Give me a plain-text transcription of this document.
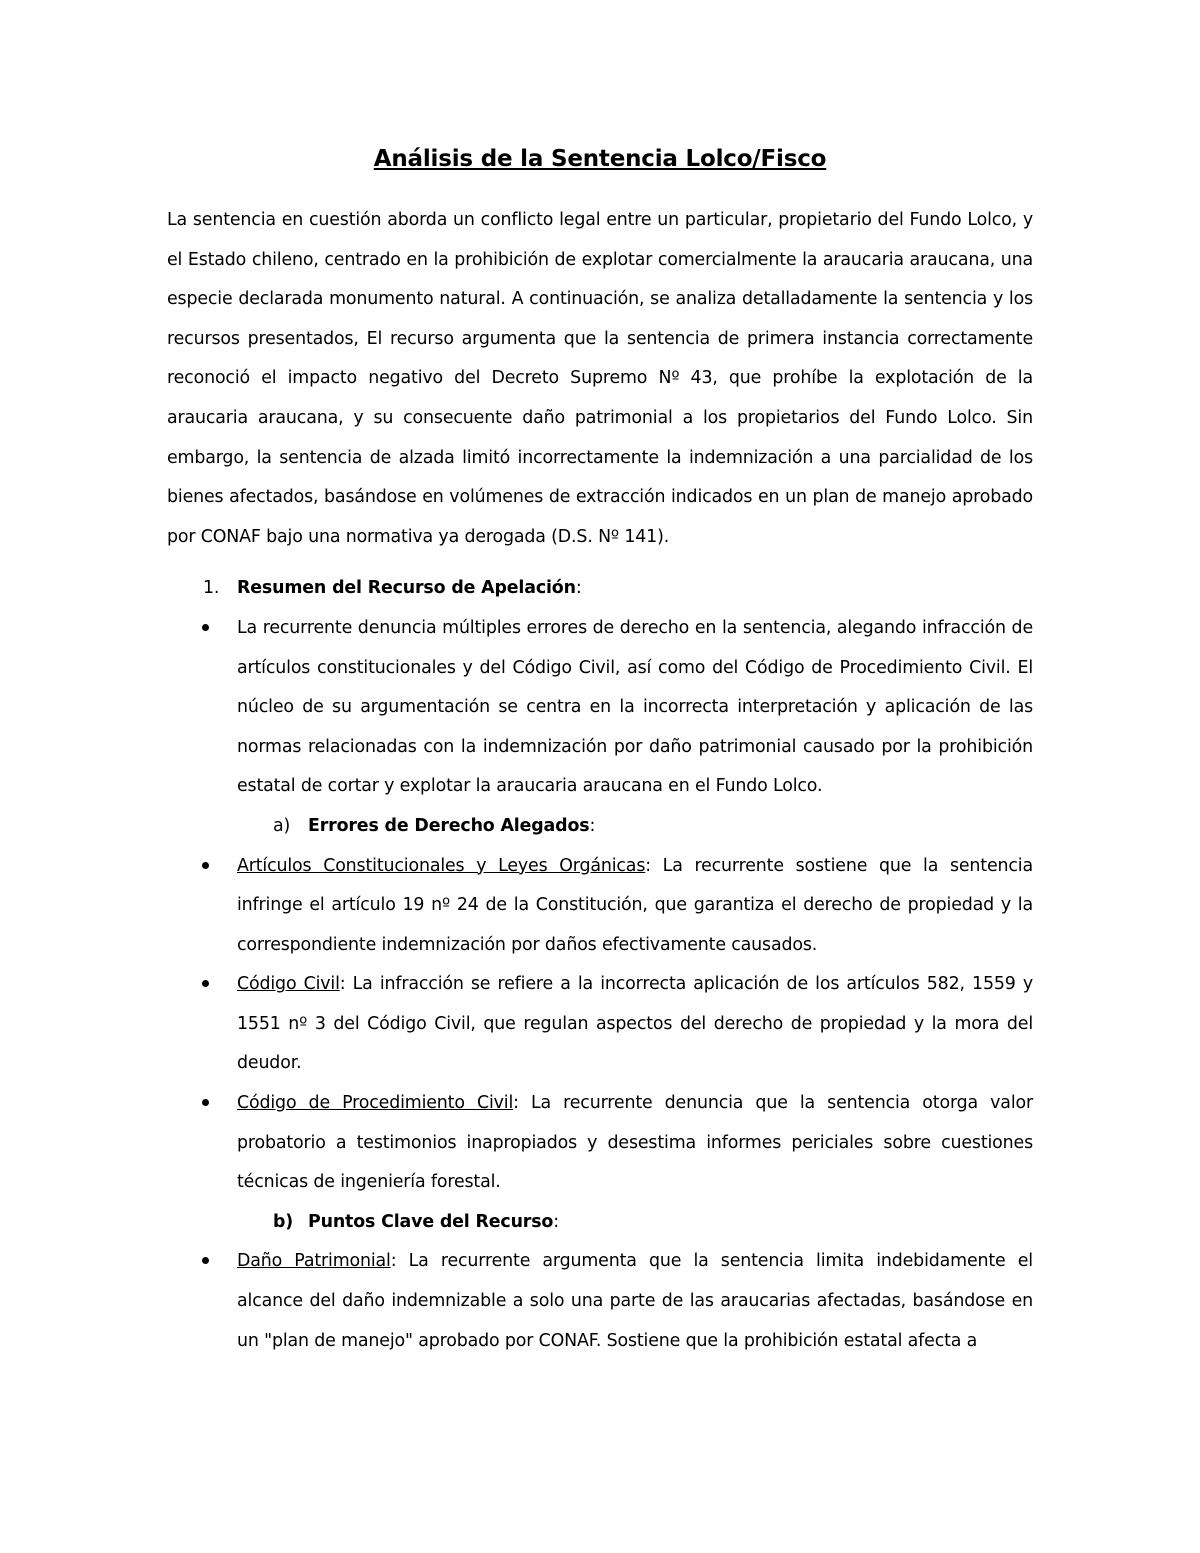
Análisis de la Sentencia Lolco/Fisco

La sentencia en cuestión aborda un conflicto legal entre un particular, propietario del Fundo Lolco, y el Estado chileno, centrado en la prohibición de explotar comercialmente la araucaria araucana, una especie declarada monumento natural. A continuación, se analiza detalladamente la sentencia y los recursos presentados, El recurso argumenta que la sentencia de primera instancia correctamente reconoció el impacto negativo del Decreto Supremo Nº 43, que prohíbe la explotación de la araucaria araucana, y su consecuente daño patrimonial a los propietarios del Fundo Lolco. Sin embargo, la sentencia de alzada limitó incorrectamente la indemnización a una parcialidad de los bienes afectados, basándose en volúmenes de extracción indicados en un plan de manejo aprobado por CONAF bajo una normativa ya derogada (D.S. Nº 141).

1. Resumen del Recurso de Apelación:
La recurrente denuncia múltiples errores de derecho en la sentencia, alegando infracción de artículos constitucionales y del Código Civil, así como del Código de Procedimiento Civil. El núcleo de su argumentación se centra en la incorrecta interpretación y aplicación de las normas relacionadas con la indemnización por daño patrimonial causado por la prohibición estatal de cortar y explotar la araucaria araucana en el Fundo Lolco.
a) Errores de Derecho Alegados:
Artículos Constitucionales y Leyes Orgánicas: La recurrente sostiene que la sentencia infringe el artículo 19 nº 24 de la Constitución, que garantiza el derecho de propiedad y la correspondiente indemnización por daños efectivamente causados.
Código Civil: La infracción se refiere a la incorrecta aplicación de los artículos 582, 1559 y 1551 nº 3 del Código Civil, que regulan aspectos del derecho de propiedad y la mora del deudor.
Código de Procedimiento Civil: La recurrente denuncia que la sentencia otorga valor probatorio a testimonios inapropiados y desestima informes periciales sobre cuestiones técnicas de ingeniería forestal.
b) Puntos Clave del Recurso:
Daño Patrimonial: La recurrente argumenta que la sentencia limita indebidamente el alcance del daño indemnizable a solo una parte de las araucarias afectadas, basándose en un "plan de manejo" aprobado por CONAF. Sostiene que la prohibición estatal afecta a
